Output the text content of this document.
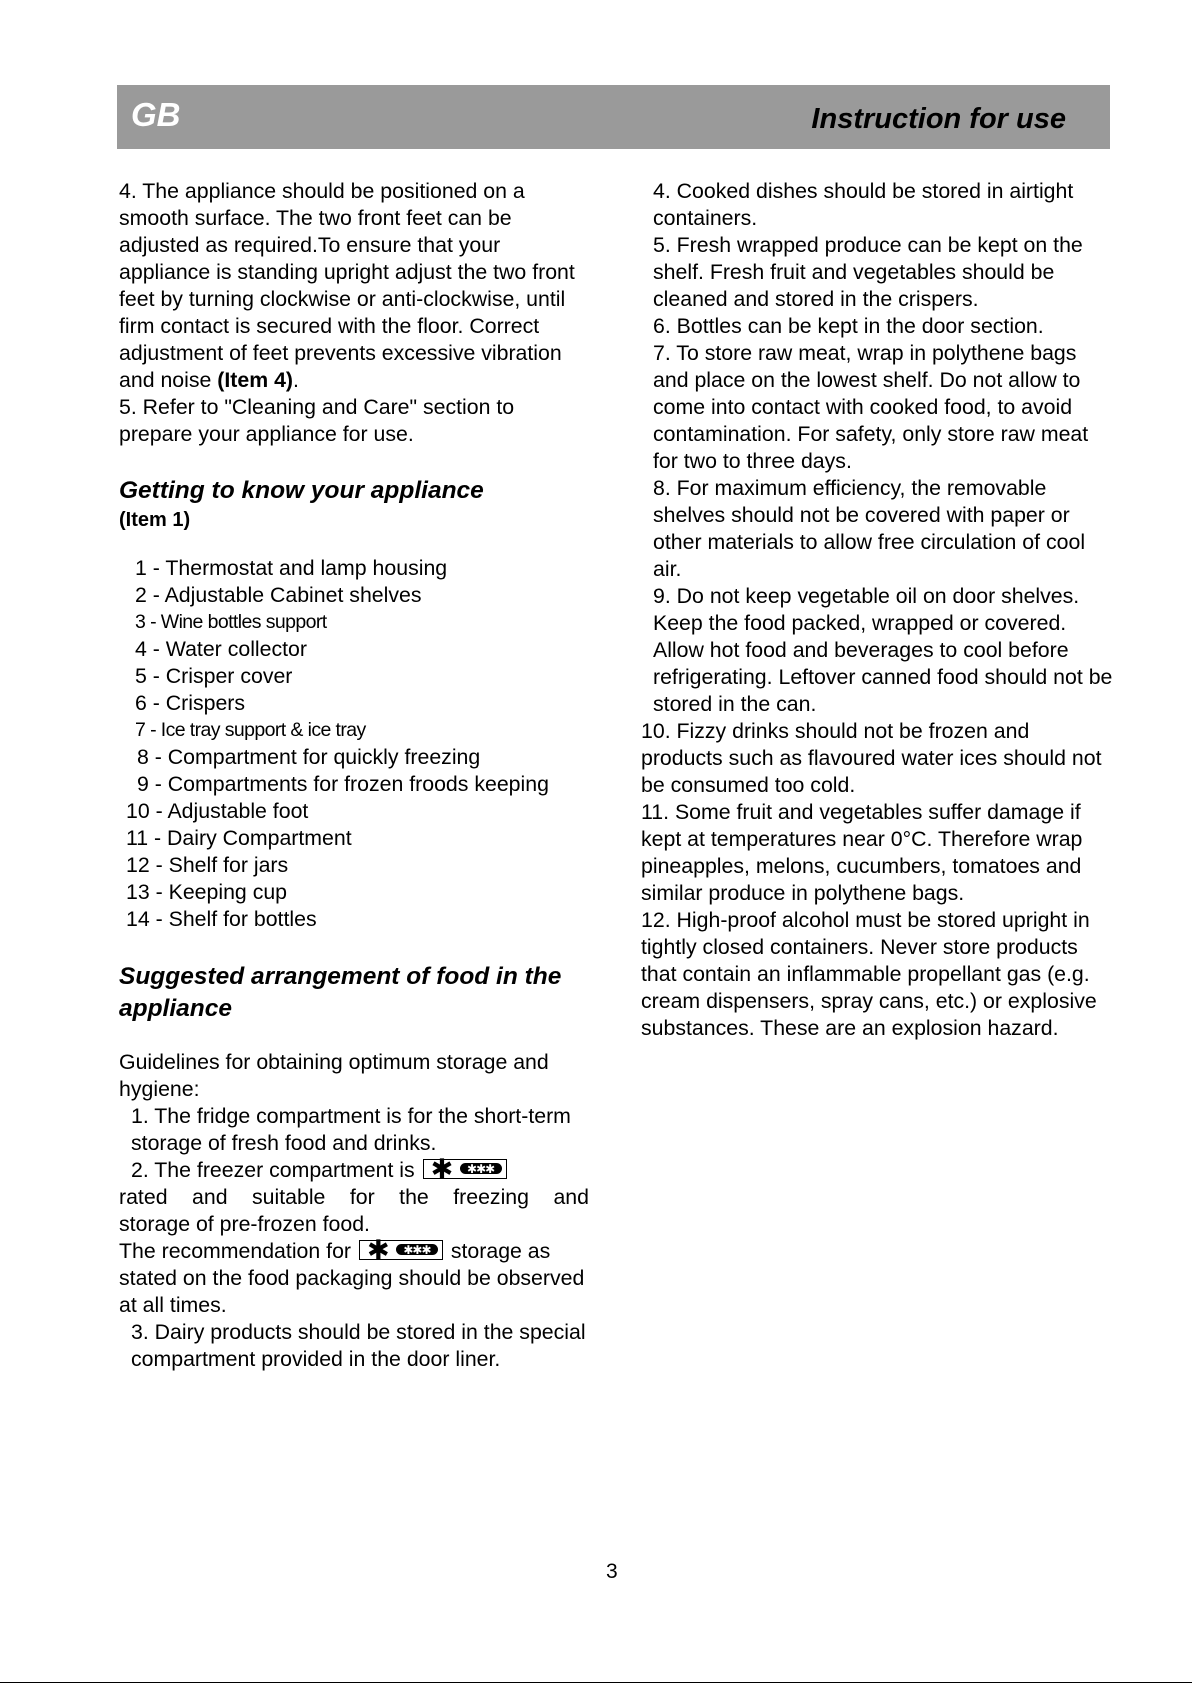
GB	Instruction for use

4. The appliance should be positioned on a smooth surface. The two front feet can be adjusted as required.To ensure that your appliance is standing upright adjust the two front feet by turning clockwise or anti-clockwise, until firm contact is secured with the floor. Correct adjustment of feet prevents excessive vibration and noise (Item 4).

5. Refer to "Cleaning and Care" section to prepare your appliance for use.

Getting to know your appliance

(Item 1)

1 - Thermostat and lamp housing
2 - Adjustable Cabinet shelves
3 - Wine bottles support
4 - Water collector
5 - Crisper cover
6 - Crispers
7 - Ice tray support & ice tray
8 - Compartment for quickly freezing
9 - Compartments for frozen froods keeping
10 - Adjustable foot
11 - Dairy Compartment
12 - Shelf for jars
13 - Keeping cup
14 - Shelf for bottles

Suggested arrangement of food in the appliance

Guidelines for obtaining optimum storage and hygiene:

1. The fridge compartment is for the short-term storage of fresh food and drinks.

2. The freezer compartment is ✱	✱✱✱

rated and suitable for the freezing and

storage of pre-frozen food.

The recommendation for ✱	✱✱✱ storage as

stated on the food packaging should be observed at all times.

3. Dairy products should be stored in the special compartment provided in the door liner.

4. Cooked dishes should be stored in airtight containers.

5. Fresh wrapped produce can be kept on the shelf. Fresh fruit and vegetables should be cleaned and stored in the crispers.

6. Bottles can be kept in the door section.

7. To store raw meat, wrap in polythene bags and place on the lowest shelf. Do not allow to come into contact with cooked food, to avoid contamination. For safety, only store raw meat for two to three days.

8. For maximum efficiency, the removable shelves should not be covered with paper or other materials to allow free circulation of cool air.

9. Do not keep vegetable oil on door shelves. Keep the food packed, wrapped or covered. Allow hot food and beverages to cool before refrigerating. Leftover canned food should not be stored in the can.

10. Fizzy drinks should not be frozen and products such as flavoured water ices should not be consumed too cold.

11. Some fruit and vegetables suffer damage if kept at temperatures near 0°C. Therefore wrap pineapples, melons, cucumbers, tomatoes and similar produce in polythene bags.

12. High-proof alcohol must be stored upright in tightly closed containers. Never store products that contain an inflammable propellant gas (e.g. cream dispensers, spray cans, etc.) or explosive substances. These are an explosion hazard.

3
